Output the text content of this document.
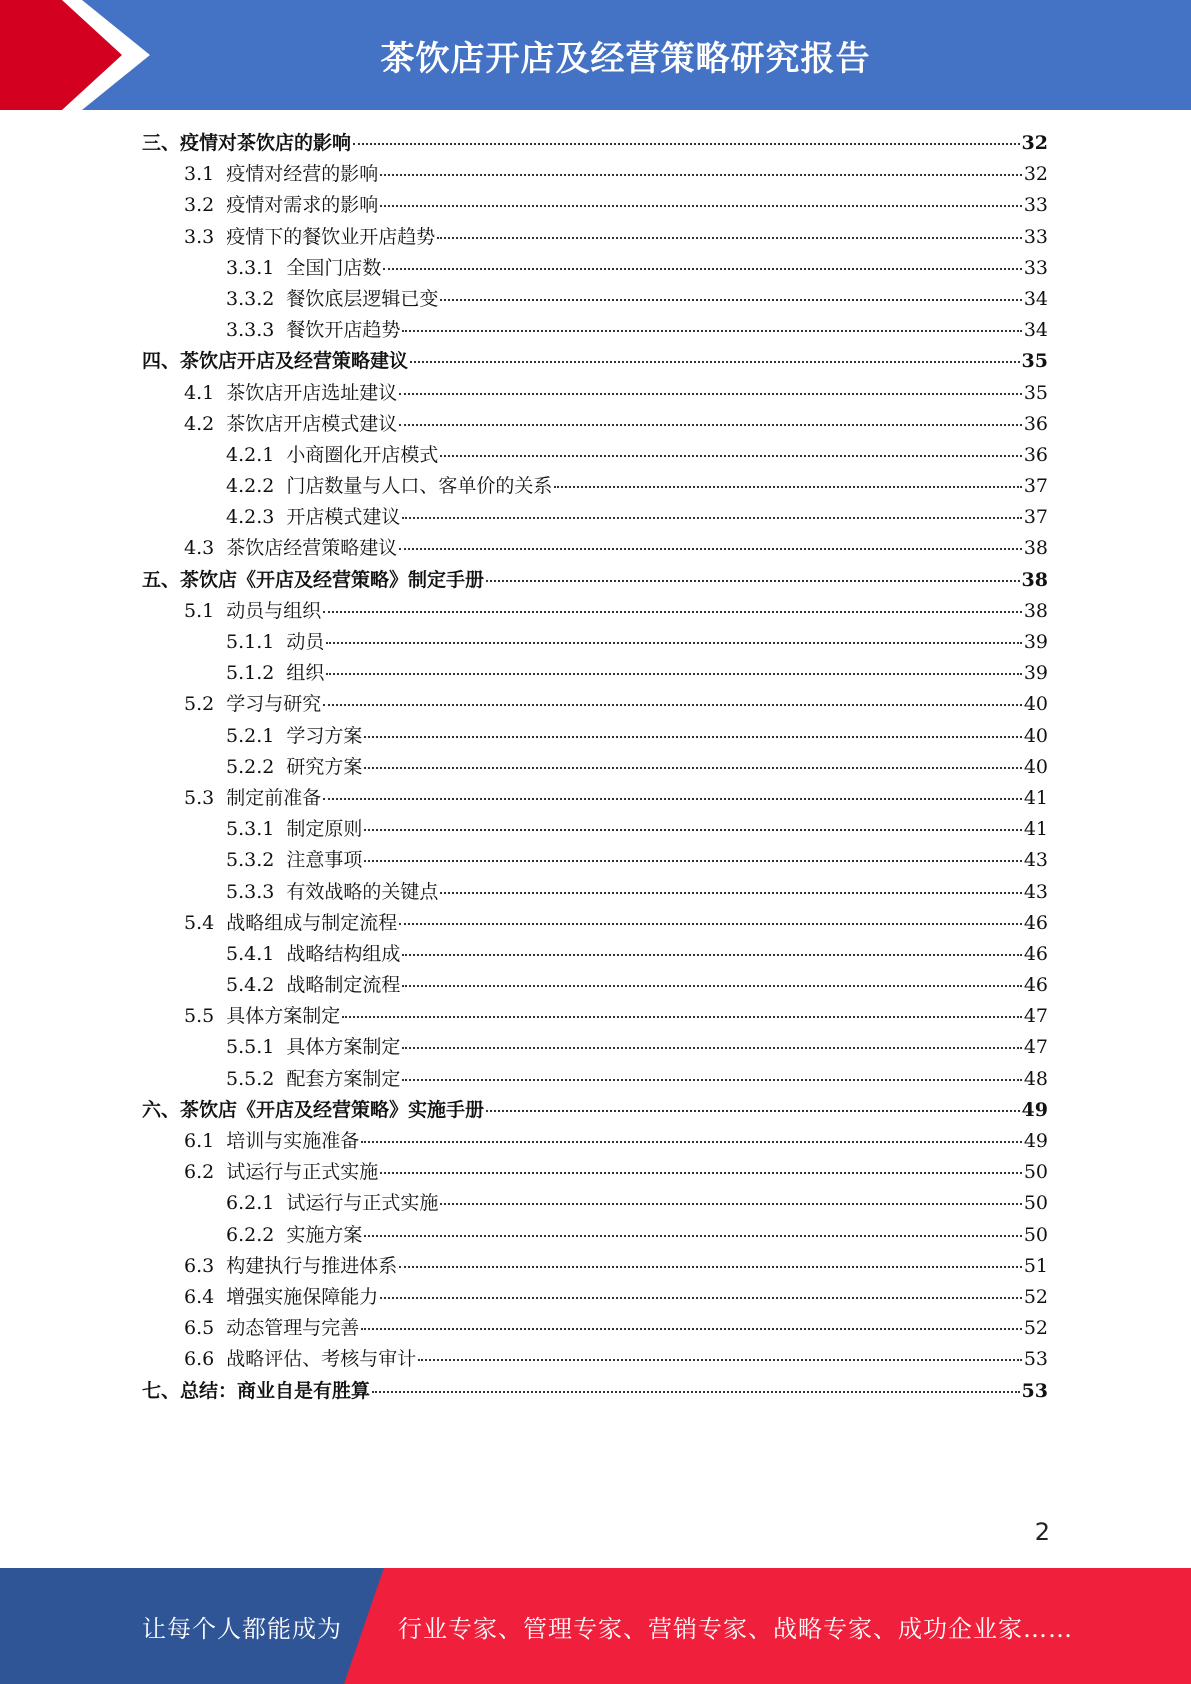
茶饮店开店及经营策略研究报告
三、疫情对茶饮店的影响	32
3.1 疫情对经营的影响	32
3.2 疫情对需求的影响	33
3.3 疫情下的餐饮业开店趋势	33
3.3.1 全国门店数	33
3.3.2 餐饮底层逻辑已变	34
3.3.3 餐饮开店趋势	34
四、茶饮店开店及经营策略建议	35
4.1 茶饮店开店选址建议	35
4.2 茶饮店开店模式建议	36
4.2.1 小商圈化开店模式	36
4.2.2 门店数量与人口、客单价的关系	37
4.2.3 开店模式建议	37
4.3 茶饮店经营策略建议	38
五、茶饮店《开店及经营策略》制定手册	38
5.1 动员与组织	38
5.1.1 动员	39
5.1.2 组织	39
5.2 学习与研究	40
5.2.1 学习方案	40
5.2.2 研究方案	40
5.3 制定前准备	41
5.3.1 制定原则	41
5.3.2 注意事项	43
5.3.3 有效战略的关键点	43
5.4 战略组成与制定流程	46
5.4.1 战略结构组成	46
5.4.2 战略制定流程	46
5.5 具体方案制定	47
5.5.1 具体方案制定	47
5.5.2 配套方案制定	48
六、茶饮店《开店及经营策略》实施手册	49
6.1 培训与实施准备	49
6.2 试运行与正式实施	50
6.2.1 试运行与正式实施	50
6.2.2 实施方案	50
6.3 构建执行与推进体系	51
6.4 增强实施保障能力	52
6.5 动态管理与完善	52
6.6 战略评估、考核与审计	53
七、总结：商业自是有胜算	53
2
让每个人都能成为 行业专家、管理专家、营销专家、战略专家、成功企业家……
